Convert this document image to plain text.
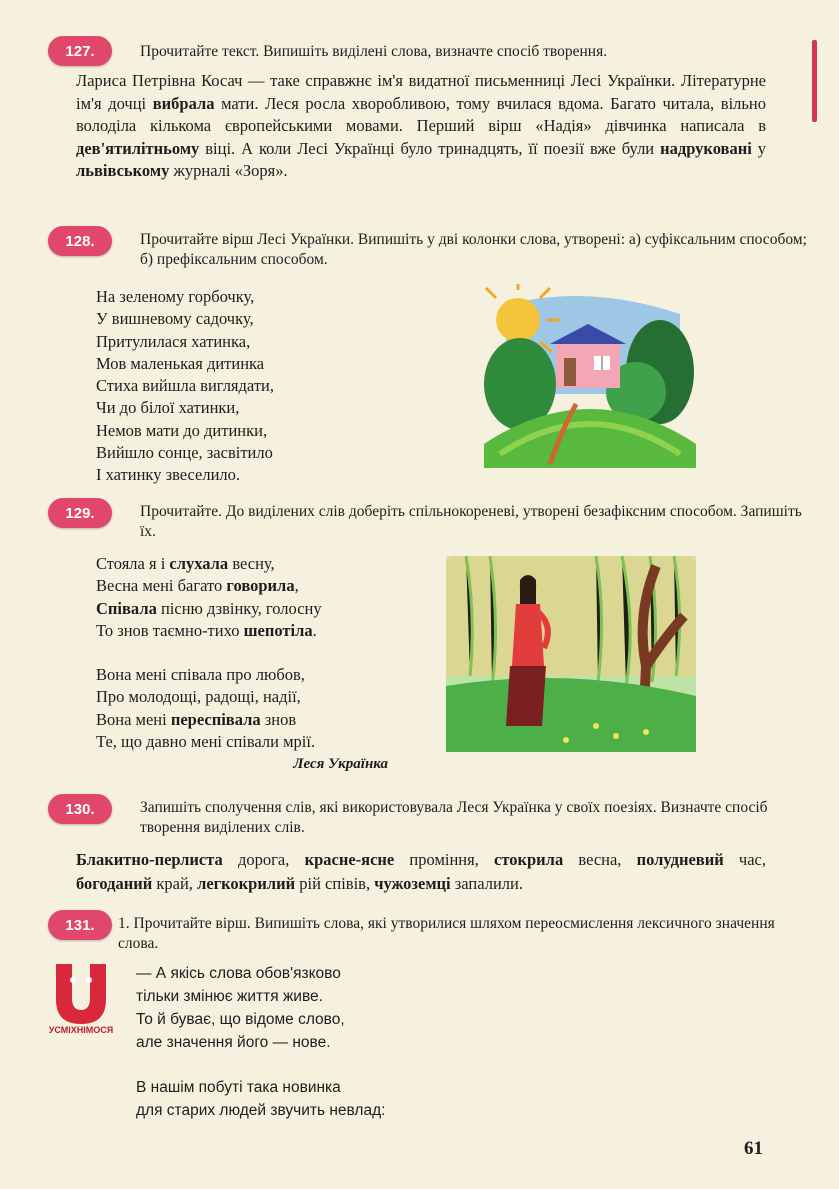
127.	Прочитайте текст. Випишіть виділені слова, визначте спосіб творення.
Лариса Петрівна Косач — таке справжнє ім'я видатної письменниці Лесі Українки. Літературне ім'я дочці вибрала мати. Леся росла хворобливою, тому вчилася вдома. Багато читала, вільно володіла кількома європейськими мовами. Перший вірш «Надія» дівчинка написала в дев'ятилітньому віці. А коли Лесі Українці було тринадцять, її поезії вже були надруковані у львівському журналі «Зоря».
128.	Прочитайте вірш Лесі Українки. Випишіть у дві колонки слова, утворені: а) суфіксальним способом; б) префіксальним способом.
На зеленому горбочку,
У вишневому садочку,
Притулилася хатинка,
Мов маленькая дитинка
Стиха вийшла виглядати,
Чи до білої хатинки,
Немов мати до дитинки,
Вийшло сонце, засвітило
І хатинку звеселило.
129.	Прочитайте. До виділених слів доберіть спільнокореневі, утворені безафіксним способом. Запишіть їх.
Стояла я і слухала весну,
Весна мені багато говорила,
Співала пісню дзвінку, голосну
То знов таємно-тихо шепотіла.
Вона мені співала про любов,
Про молодощі, радощі, надії,
Вона мені переспівала знов
Те, що давно мені співали мрії.
Леся Українка
130.	Запишіть сполучення слів, які використовувала Леся Українка у своїх поезіях. Визначте спосіб творення виділених слів.
Блакитно-перлиста дорога, красне-ясне проміння, стокрила весна, полудневий час, богоданий край, легкокрилий рій співів, чужоземці запалили.
131.	1. Прочитайте вірш. Випишіть слова, які утворилися шляхом переосмислення лексичного значення слова.
УСМІХНІМОСЯ
— А якісь слова обов'язково
тільки змінює життя живе.
То й буває, що відоме слово,
але значення його — нове.
В нашім побуті така новинка
для старих людей звучить невлад:
61
